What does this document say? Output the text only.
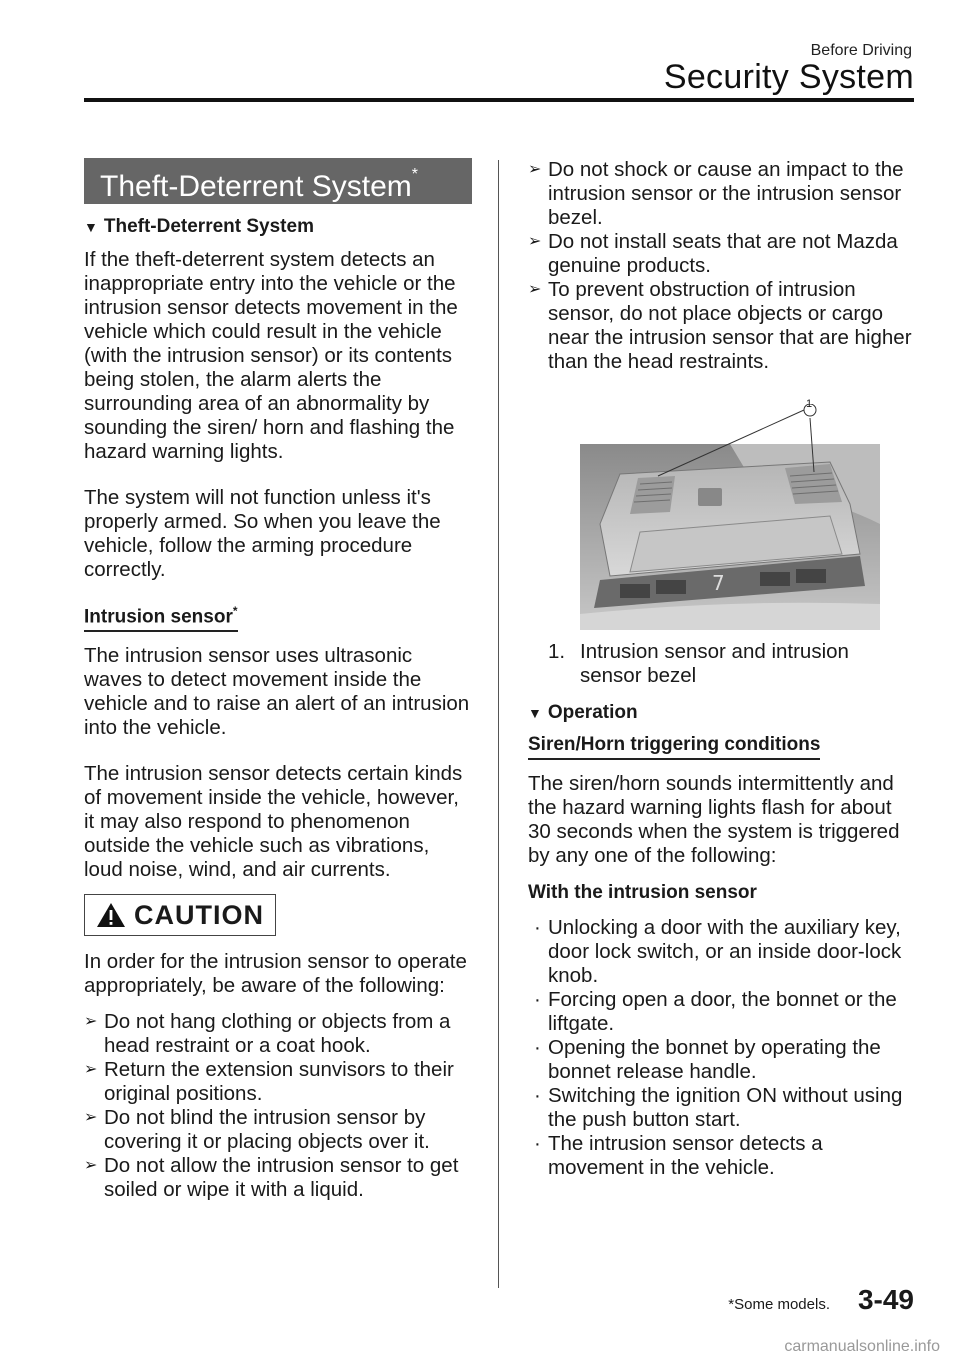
Before Driving
Security System
Theft-Deterrent System*
▼ Theft-Deterrent System

If the theft-deterrent system detects an inappropriate entry into the vehicle or the intrusion sensor detects movement in the vehicle which could result in the vehicle (with the intrusion sensor) or its contents being stolen, the alarm alerts the surrounding area of an abnormality by sounding the siren/ horn and flashing the hazard warning lights.

The system will not function unless it's properly armed. So when you leave the vehicle, follow the arming procedure correctly.

Intrusion sensor*

The intrusion sensor uses ultrasonic waves to detect movement inside the vehicle and to raise an alert of an intrusion into the vehicle.

The intrusion sensor detects certain kinds of movement inside the vehicle, however, it may also respond to phenomenon outside the vehicle such as vibrations, loud noise, wind, and air currents.

CAUTION

In order for the intrusion sensor to operate appropriately, be aware of the following:

➢ Do not hang clothing or objects from a head restraint or a coat hook.
➢ Return the extension sunvisors to their original positions.
➢ Do not blind the intrusion sensor by covering it or placing objects over it.
➢ Do not allow the intrusion sensor to get soiled or wipe it with a liquid.
➢ Do not shock or cause an impact to the intrusion sensor or the intrusion sensor bezel.
➢ Do not install seats that are not Mazda genuine products.
➢ To prevent obstruction of intrusion sensor, do not place objects or cargo near the intrusion sensor that are higher than the head restraints.
7
1
1. Intrusion sensor and intrusion sensor bezel
▼ Operation
Siren/Horn triggering conditions

The siren/horn sounds intermittently and the hazard warning lights flash for about 30 seconds when the system is triggered by any one of the following:

With the intrusion sensor
· Unlocking a door with the auxiliary key, door lock switch, or an inside door-lock knob.
· Forcing open a door, the bonnet or the liftgate.
· Opening the bonnet by operating the bonnet release handle.
· Switching the ignition ON without using the push button start.
· The intrusion sensor detects a movement in the vehicle.
*Some models. 3-49
carmanualsonline.info
